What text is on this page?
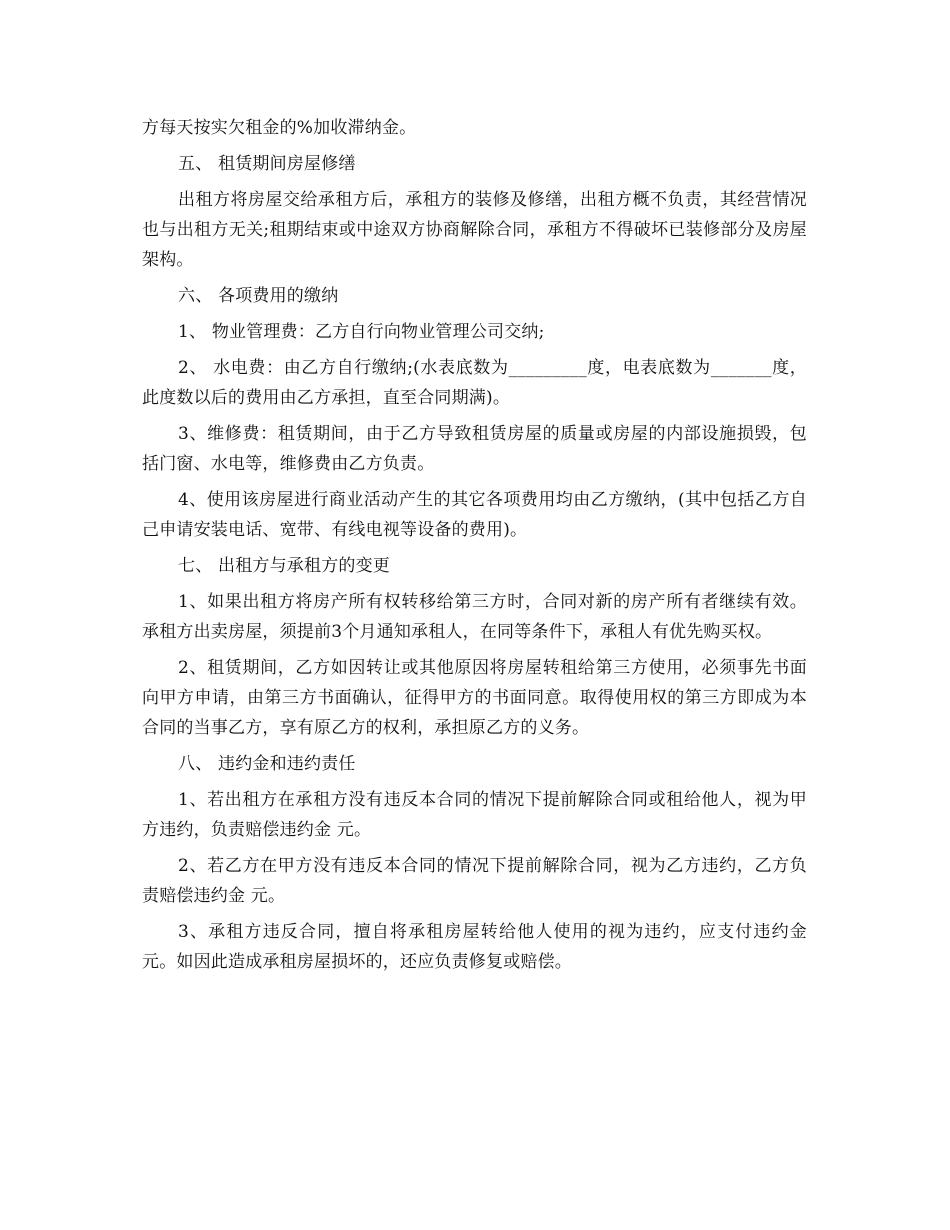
方每天按实欠租金的%加收滞纳金。

五、 租赁期间房屋修缮

出租方将房屋交给承租方后，承租方的装修及修缮，出租方概不负责，其经营情况也与出租方无关;租期结束或中途双方协商解除合同，承租方不得破坏已装修部分及房屋架构。

六、 各项费用的缴纳

1、 物业管理费：乙方自行向物业管理公司交纳;

2、 水电费：由乙方自行缴纳;(水表底数为_________度，电表底数为_______度，此度数以后的费用由乙方承担，直至合同期满)。

3、维修费：租赁期间，由于乙方导致租赁房屋的质量或房屋的内部设施损毁，包括门窗、水电等，维修费由乙方负责。

4、使用该房屋进行商业活动产生的其它各项费用均由乙方缴纳，(其中包括乙方自己申请安装电话、宽带、有线电视等设备的费用)。

七、 出租方与承租方的变更

1、如果出租方将房产所有权转移给第三方时，合同对新的房产所有者继续有效。承租方出卖房屋，须提前3个月通知承租人，在同等条件下，承租人有优先购买权。

2、租赁期间，乙方如因转让或其他原因将房屋转租给第三方使用，必须事先书面向甲方申请，由第三方书面确认，征得甲方的书面同意。取得使用权的第三方即成为本合同的当事乙方，享有原乙方的权利，承担原乙方的义务。

八、 违约金和违约责任

1、若出租方在承租方没有违反本合同的情况下提前解除合同或租给他人，视为甲方违约，负责赔偿违约金 元。

2、若乙方在甲方没有违反本合同的情况下提前解除合同，视为乙方违约，乙方负责赔偿违约金 元。

3、承租方违反合同，擅自将承租房屋转给他人使用的视为违约，应支付违约金 元。如因此造成承租房屋损坏的，还应负责修复或赔偿。
